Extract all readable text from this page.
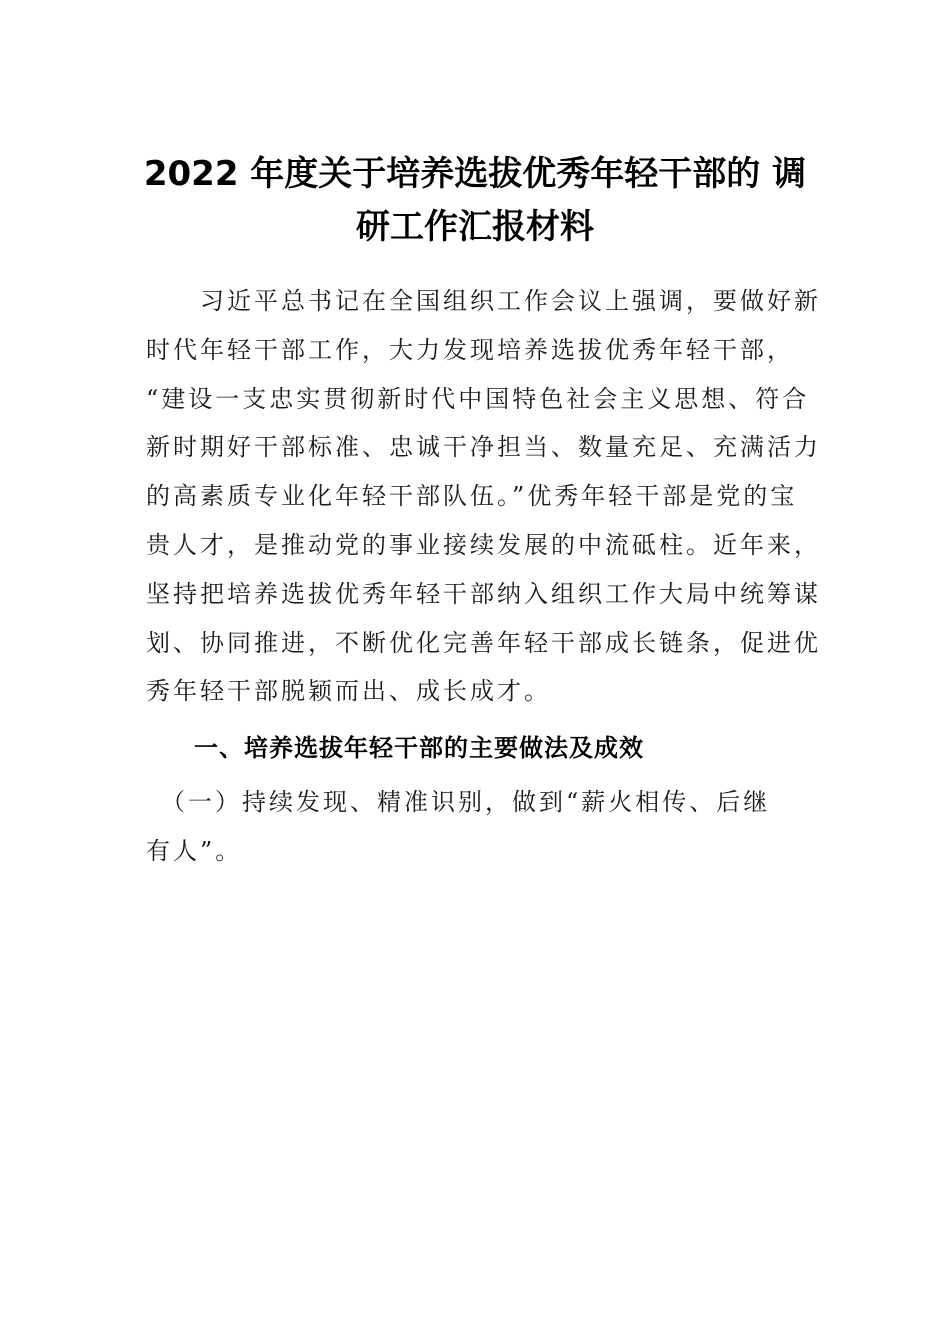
2022 年度关于培养选拔优秀年轻干部的 调
研工作汇报材料
　　习近平总书记在全国组织工作会议上强调，要做好新
时代年轻干部工作，大力发现培养选拔优秀年轻干部，
“建设一支忠实贯彻新时代中国特色社会主义思想、符合
新时期好干部标准、忠诚干净担当、数量充足、充满活力
的高素质专业化年轻干部队伍。”优秀年轻干部是党的宝
贵人才，是推动党的事业接续发展的中流砥柱。近年来，
坚持把培养选拔优秀年轻干部纳入组织工作大局中统筹谋
划、协同推进，不断优化完善年轻干部成长链条，促进优
秀年轻干部脱颖而出、成长成才。
一、培养选拔年轻干部的主要做法及成效
　（一）持续发现、精准识别，做到“薪火相传、后继
有人”。
